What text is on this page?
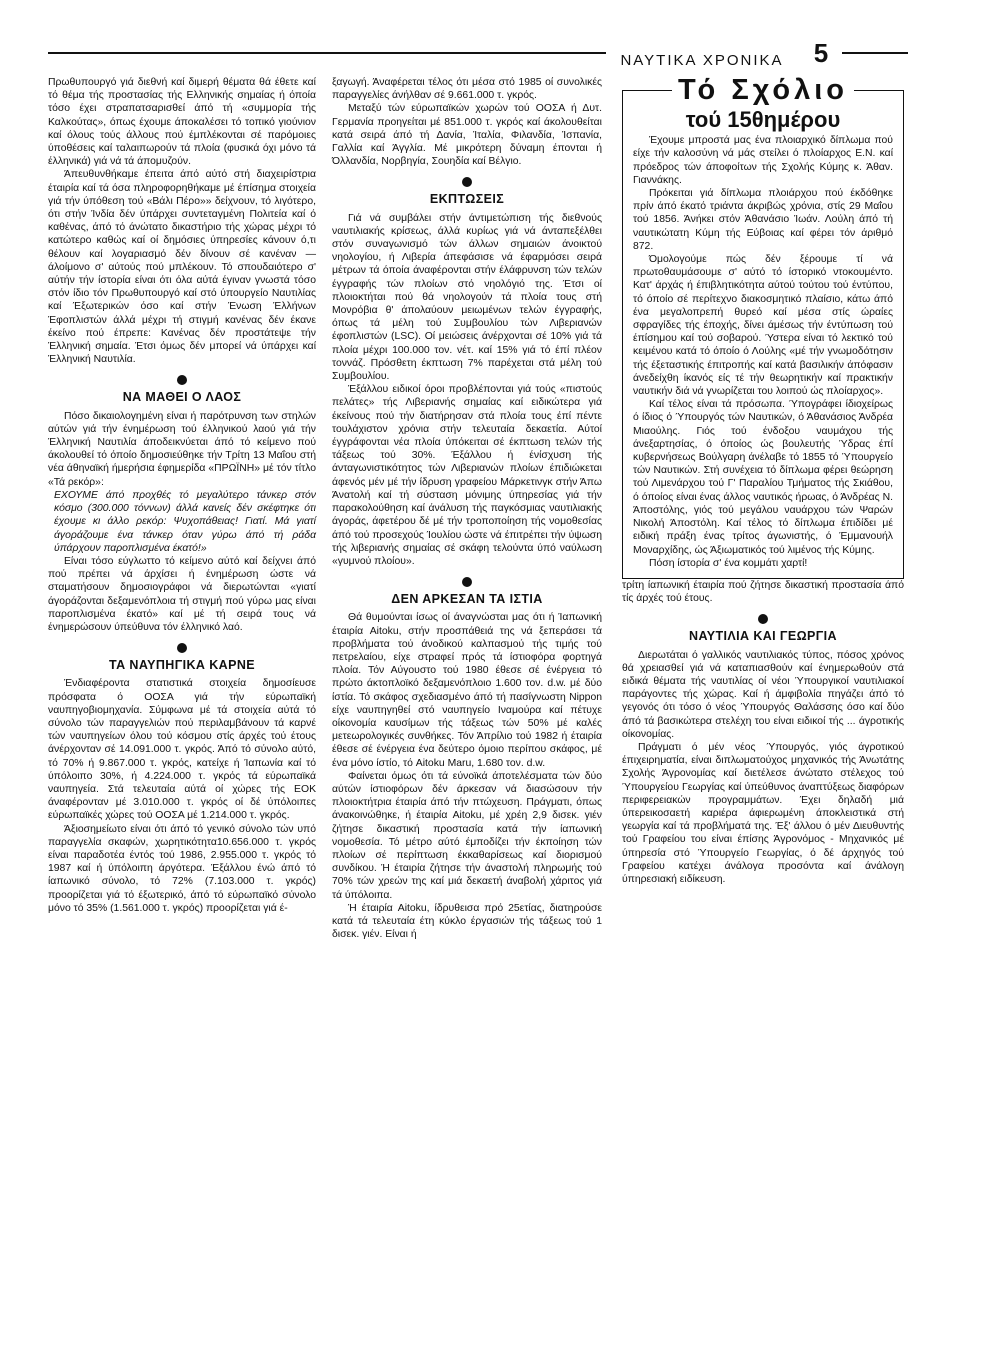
ΝΑΥΤΙΚΑ ΧΡΟΝΙΚΑ	5

Πρωθυπουργό γιά διεθνή καί διμερή θέματα θά έθετε καί τό θέμα τής προστασίας τής Ελληνικής σημαίας ή όποία τόσο έχει στραπατσαρισθεί άπό τή «συμμορία τής Καλκούτας», όπως έχουμε άποκαλέσει τό τοπικό γιούνιον καί όλους τούς άλλους πού έμπλέκονται σέ παρόμοιες ύποθέσεις καί ταλαιπωρούν τά πλοία (φυσικά όχι μόνο τά έλληνικά) γιά νά τά άπομυζούν.

Άπευθυνθήκαμε έπειτα άπό αύτό στή διαχειρίστρια έταιρία καί τά όσα πληροφορηθήκαμε μέ έπίσημα στοιχεία γιά τήν ύπόθεση τού «Βάλι Πέρο»» δείχνουν, τό λιγότερο, ότι στήν Ίνδία δέν ύπάρχει συντεταγμένη Πολιτεία καί ό καθένας, άπό τό άνώτατο δικαστήριο τής χώρας μέχρι τό κατώτερο καθώς καί οί δημόσιες ύπηρεσίες κάνουν ό,τι θέλουν καί λογαριασμό δέν δίνουν σέ κανέναν — άλοίμονο σ' αύτούς πού μπλέκουν. Τό σπουδαιότερο σ' αύτήν τήν ίστορία είναι ότι όλα αύτά έγιναν γνωστά τόσο στόν ίδιο τόν Πρωθυπουργό καί στό ύπουργείο Ναυτιλίας καί Έξωτερικών όσο καί στήν Ένωση Έλλήνων Έφοπλιστών άλλά μέχρι τή στιγμή κανένας δέν έκανε έκείνο πού έπρεπε: Κανένας δέν προστάτεψε τήν Έλληνική σημαία. Έτσι όμως δέν μπορεί νά ύπάρχει καί Έλληνική Ναυτιλία.

ΝΑ ΜΑΘΕΙ Ο ΛΑΟΣ

Πόσο δικαιολογημένη είναι ή παρότρυνση των στηλών αύτών γιά τήν ένημέρωση τού έλληνικού λαού γιά τήν Έλληνική Ναυτιλία άποδεικνύεται άπό τό κείμενο πού άκολουθεί τό όποίο δημοσιεύθηκε τήν Τρίτη 13 Μαΐου στή νέα άθηναϊκή ήμερήσια έφημερίδα «ΠΡΩΪΝΗ» μέ τόν τίτλο «Τά ρεκόρ»:

ΕΧΟΥΜΕ άπό προχθές τό μεγαλύτερο τάνκερ στόν κόσμο (300.000 τόννων) άλλά κανείς δέν σκέφτηκε ότι έχουμε κι άλλο ρεκόρ: Ψυχοπάθειας! Γιατί. Μά γιατί άγοράζουμε ένα τάνκερ όταν γύρω άπό τή ράδα ύπάρχουν παροπλισμένα έκατό!»

Είναι τόσο εύγλωττο τό κείμενο αύτό καί δείχνει άπό πού πρέπει νά άρχίσει ή ένημέρωση ώστε νά σταματήσουν δημοσιογράφοι νά διερωτώνται «γιατί άγοράζονται δεξαμενόπλοια τή στιγμή πού γύρω μας είναι παροπλισμένα έκατό» καί μέ τή σειρά τους νά ένημερώσουν ύπεύθυνα τόν έλληνικό λαό.

ΤΑ ΝΑΥΠΗΓΙΚΑ ΚΑΡΝΕ

Ένδιαφέροντα στατιστικά στοιχεία δημοσίευσε πρόσφατα ό ΟΟΣΑ γιά τήν εύρωπαϊκή ναυπηγοβιομηχανία. Σύμφωνα μέ τά στοιχεία αύτά τό σύνολο τών παραγγελιών πού περιλαμβάνουν τά καρνέ τών ναυπηγείων όλου τού κόσμου στίς άρχές τού έτους άνέρχονταν σέ 14.091.000 τ. γκρός. Άπό τό σύνολο αύτό, τό 70% ή 9.867.000 τ. γκρός, κατείχε ή Ίαπωνία καί τό ύπόλοιπο 30%, ή 4.224.000 τ. γκρός τά εύρωπαϊκά ναυπηγεία. Στά τελευταία αύτά οί χώρες τής ΕΟΚ άναφέρονταν μέ 3.010.000 τ. γκρός οί δέ ύπόλοιπες εύρωπαϊκές χώρες τού ΟΟΣΑ μέ 1.214.000 τ. γκρός.

Άξιοσημείωτο είναι ότι άπό τό γενικό σύνολο τών υπό παραγγελία σκαφών, χωρητικότητα10.656.000 τ. γκρός είναι παραδοτέα έντός τού 1986, 2.955.000 τ. γκρός τό 1987 καί ή ύπόλοιπη άργότερα. Έξάλλου ένώ άπό τό ίαπωνικό σύνολο, τό 72% (7.103.000 τ. γκρός) προορίζεται γιά τό έξωτερικό, άπό τό εύρωπαϊκό σύνολο μόνο τό 35% (1.561.000 τ. γκρός) προορίζεται γιά έ-

ξαγωγή. Άναφέρεται τέλος ότι μέσα στό 1985 οί συνολικές παραγγελίες άνήλθαν σέ 9.661.000 τ. γκρός.

Μεταξύ τών εύρωπαϊκών χωρών τού ΟΟΣΑ ή Δυτ. Γερμανία προηγείται μέ 851.000 τ. γκρός καί άκολουθείται κατά σειρά άπό τή Δανία, Ίταλία, Φιλανδία, Ίσπανία, Γαλλία καί Άγγλία. Μέ μικρότερη δύναμη έπονται ή Όλλανδία, Νορβηγία, Σουηδία καί Βέλγιο.

ΕΚΠΤΩΣΕΙΣ

Γιά νά συμβάλει στήν άντιμετώπιση τής διεθνούς ναυτιλιακής κρίσεως, άλλά κυρίως γιά νά άνταπεξέλθει στόν συναγωνισμό τών άλλων σημαιών άνοικτού νηολογίου, ή Λιβερία άπεφάσισε νά έφαρμόσει σειρά μέτρων τά όποία άναφέρονται στήν έλάφρυνση τών τελών έγγραφής τών πλοίων στό νηολόγιό της. Έτσι οί πλοιοκτήται πού θά νηολογούν τά πλοία τους στή Μονρόβια θ' άπολαύουν μειωμένων τελών έγγραφής, όπως τά μέλη τού Συμβουλίου τών Λιβεριανών έφοπλιστών (LSC). Οί μειώσεις άνέρχονται σέ 10% γιά τά πλοία μέχρι 100.000 τον. νέτ. καί 15% γιά τό έπί πλέον τοννάζ. Πρόσθετη έκπτωση 7% παρέχεται στά μέλη τού Συμβουλίου.

Έξάλλου ειδικοί όροι προβλέπονται γιά τούς «πιστούς πελάτες» τής Λιβεριανής σημαίας καί ειδικώτερα γιά έκείνους πού τήν διατήρησαν στά πλοία τους έπί πέντε τουλάχιστον χρόνια στήν τελευταία δεκαετία. Αύτοί έγγράφονται νέα πλοία ύπόκειται σέ έκπτωση τελών τής τάξεως τού 30%. Έξάλλου ή ένίσχυση τής άνταγωνιστικότητος τών Λιβεριανών πλοίων έπιδιώκεται άφενός μέν μέ τήν ίδρυση γραφείου Μάρκετινγκ στήν Άπω Άνατολή καί τή σύσταση μόνιμης ύπηρεσίας γιά τήν παρακολούθηση καί άνάλυση τής παγκόσμιας ναυτιλιακής άγοράς, άφετέρου δέ μέ τήν τροποποίηση τής νομοθεσίας άπό τού προσεχούς Ίουλίου ώστε νά έπιτρέπει τήν ύψωση τής λιβεριανής σημαίας σέ σκάφη τελούντα ύπό ναύλωση «γυμνού πλοίου».

ΔΕΝ ΑΡΚΕΣΑΝ ΤΑ ΙΣΤΙΑ

Θά θυμούνται ίσως οί άναγνώσται μας ότι ή Ίαπωνική έταιρία Aitoku, στήν προσπάθειά της νά ξεπεράσει τά προβλήματα τού άνοδικού καλπασμού τής τιμής τού πετρελαίου, είχε στραφεί πρός τά ίστιοφόρα φορτηγά πλοία. Τόν Αύγουστο τού 1980 έθεσε σέ ένέργεια τό πρώτο άκτοπλοϊκό δεξαμενόπλοιο 1.600 τον. d.w. μέ δύο ίστία. Τό σκάφος σχεδιασμένο άπό τή πασίγνωστη Nippon είχε ναυπηγηθεί στό ναυπηγείο Ιναμούρα καί πέτυχε οίκονομία καυσίμων τής τάξεως τών 50% μέ καλές μετεωρολογικές συνθήκες. Τόν Άπρίλιο τού 1982 ή έταιρία έθεσε σέ ένέργεια ένα δεύτερο όμοιο περίπου σκάφος, μέ ένα μόνο ίστίο, τό Aitoku Maru, 1.680 τον. d.w.

Φαίνεται όμως ότι τά εύνοϊκά άποτελέσματα τών δύο αύτών ίστιοφόρων δέν άρκεσαν νά διασώσουν τήν πλοιοκτήτρια έταιρία άπό τήν πτώχευση. Πράγματι, όπως άνακοινώθηκε, ή έταιρία Aitoku, μέ χρέη 2,9 δισεκ. γιέν ζήτησε δικαστική προστασία κατά τήν ίαπωνική νομοθεσία. Τό μέτρο αύτό έμποδίζει τήν έκποίηση τών πλοίων σέ περίπτωση έκκαθαρίσεως καί διορισμού συνδίκου. Ή έταιρία ζήτησε τήν άναστολή πληρωμής τού 70% τών χρεών της καί μιά δεκαετή άναβολή χάριτος γιά τά ύπόλοιπα.

Ή έταιρία Aitoku, ίδρυθεισα πρό 25ετίας, διατηρούσε κατά τά τελευταία έτη κύκλο έργασιών τής τάξεως τού 1 δισεκ. γιέν. Είναι ή

Τό Σχόλιο
τού 15θημέρου

Έχουμε μπροστά μας ένα πλοιαρχικό δίπλωμα πού είχε τήν καλοσύνη νά μάς στείλει ό πλοίαρχος Ε.Ν. καί πρόεδρος τών άποφοίτων τής Σχολής Κύμης κ. Άθαν. Γιαννάκης.

Πρόκειται γιά δίπλωμα πλοιάρχου πού έκδόθηκε πρίν άπό έκατό τριάντα άκριβώς χρόνια, στίς 29 Μαΐου τού 1856. Άνήκει στόν Άθανάσιο Ίωάν. Λούλη άπό τή ναυτικώτατη Κύμη τής Εύβοιας καί φέρει τόν άριθμό 872.

Όμολογούμε πώς δέν ξέρουμε τί νά πρωτοθαυμάσουμε σ' αύτό τό ίστορικό ντοκουμέντο. Κατ' άρχάς ή έπιβλητικότητα αύτού τούτου τού έντύπου, τό όποίο σέ περίτεχνο διακοσμητικό πλαίσιο, κάτω άπό ένα μεγαλοπρεπή θυρεό καί μέσα στίς ώραίες σφραγίδες τής έποχής, δίνει άμέσως τήν έντύπωση τού έπίσημου καί τού σοβαρού. Ύστερα είναι τό λεκτικό τού κειμένου κατά τό όποίο ό Λούλης «μέ τήν γνωμοδότησιν τής έξεταστικής έπιτροπής καί κατά βασιλικήν άπόφασιν άνεδείχθη ίκανός είς τέ τήν θεωρητικήν καί πρακτικήν ναυτικήν διά νά γνωρίζεται του λοιπού ώς πλοίαρχος».

Καί τέλος είναι τά πρόσωπα. Ύπογράφει ίδιοχείρως ό ίδιος ό Ύπουργός τών Ναυτικών, ό Άθανάσιος Άνδρέα Μιαούλης. Γιός τού ένδοξου ναυμάχου τής άνεξαρτησίας, ό όποίος ώς βουλευτής Ύδρας έπί κυβερνήσεως Βούλγαρη άνέλαβε τό 1855 τό Ύπουργείο τών Ναυτικών. Στή συνέχεια τό δίπλωμα φέρει θεώρηση τού Λιμενάρχου τού Γ' Παραλίου Τμήματος τής Σκιάθου, ό όποίος είναι ένας άλλος ναυτικός ήρωας, ό Άνδρέας Ν. Άποστόλης, γιός τού μεγάλου ναυάρχου τών Ψαρών Νικολή Άποστόλη. Καί τέλος τό δίπλωμα έπιδίδει μέ ειδική πράξη ένας τρίτος άγωνιστής, ό Έμμανουήλ Μοναρχίδης, ώς Άξιωματικός τού λιμένος τής Κύμης.

Πόση ίστορία σ' ένα κομμάτι χαρτί!

τρίτη ίαπωνική έταιρία πού ζήτησε δικαστική προστασία άπό τίς άρχές τού έτους.

ΝΑΥΤΙΛΙΑ ΚΑΙ ΓΕΩΡΓΙΑ

Διερωτάται ό γαλλικός ναυτιλιακός τύπος, πόσος χρόνος θά χρειασθεί γιά νά καταπιασθούν καί ένημερωθούν στά ειδικά θέματα τής ναυτιλίας οί νέοι Ύπουργικοί ναυτιλιακοί παράγοντες τής χώρας. Καί ή άμφιβολία πηγάζει άπό τό γεγονός ότι τόσο ό νέος Ύπουργός Θαλάσσης όσο καί δύο άπό τά βασικώτερα στελέχη του είναι ειδικοί τής ... άγροτικής οίκονομίας.

Πράγματι ό μέν νέος Ύπουργός, γιός άγροτικού έπιχειρηματία, είναι διπλωματούχος μηχανικός τής Άνωτάτης Σχολής Άγρονομίας καί διετέλεσε άνώτατο στέλεχος τού Ύπουργείου Γεωργίας καί ύπεύθυνος άναπτύξεως διαφόρων περιφερειακών προγραμμάτων. Έχει δηλαδή μιά ύπερεικοσαετή καριέρα άφιερωμένη άποκλειστικά στή γεωργία καί τά προβλήματά της. Έξ' άλλου ό μέν Διευθυντής τού Γραφείου του είναι έπίσης Άγρονόμος - Μηχανικός μέ ύπηρεσία στό Ύπουργείο Γεωργίας, ό δέ άρχηγός τού Γραφείου κατέχει άνάλογα προσόντα καί άνάλογη ύπηρεσιακή ειδίκευση.
